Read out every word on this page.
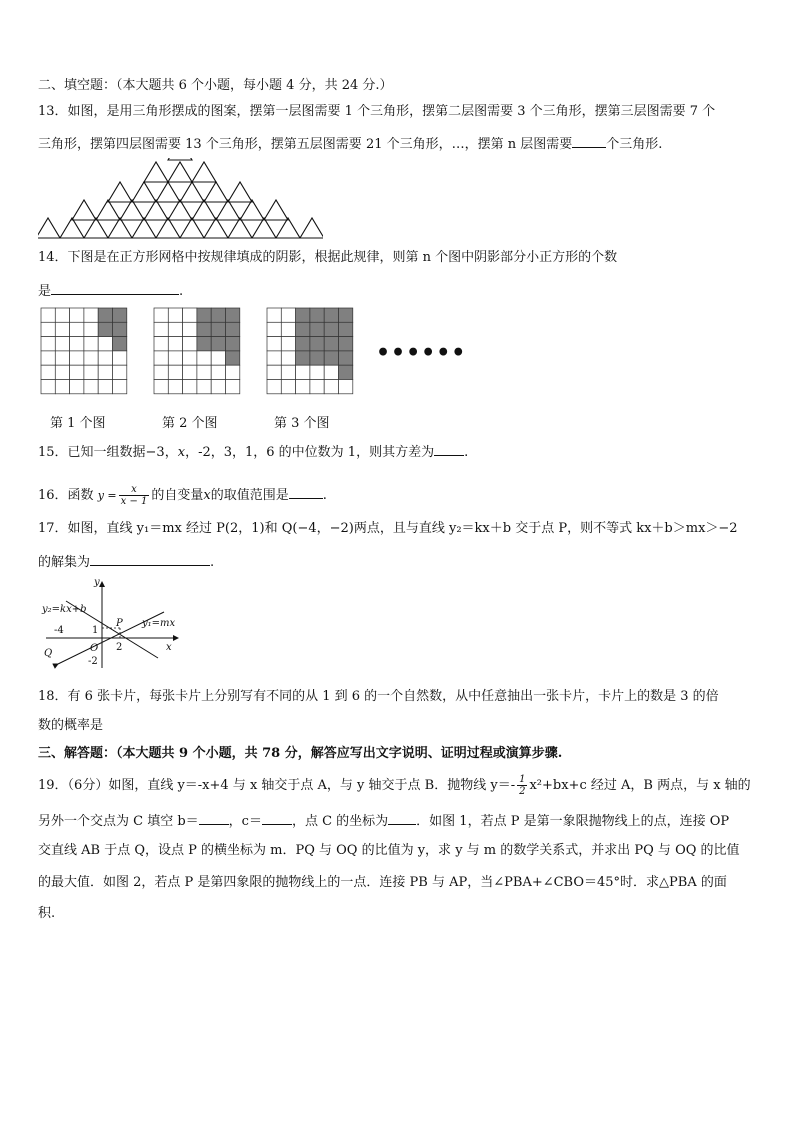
二、填空题：（本大题共 6 个小题，每小题 4 分，共 24 分.）
13．如图，是用三角形摆成的图案，摆第一层图需要 1 个三角形，摆第二层图需要 3 个三角形，摆第三层图需要 7 个
三角形，摆第四层图需要 13 个三角形，摆第五层图需要 21 个三角形，…，摆第 n 层图需要	个三角形.
14．下图是在正方形网格中按规律填成的阴影，根据此规律，则第 n 个图中阴影部分小正方形的个数
是	.
••••••
第 1 个图	第 2 个图	第 3 个图
15．已知一组数据−3，x，-2，3，1，6 的中位数为 1，则其方差为 .
16．函数 $y = \frac{x}{x - 1}$ 的自变量x的取值范围是	.
17．如图，直线 y₁＝mx 经过 P(2，1)和 Q(−4，−2)两点，且与直线 y₂＝kx＋b 交于点 P，则不等式 kx＋b＞mx＞−2
的解集为	.
y
x
y₂=kx+b
y₁=mx
P
Q	O
-4	1
2
-2
18．有 6 张卡片，每张卡片上分别写有不同的从 1 到 6 的一个自然数，从中任意抽出一张卡片，卡片上的数是 3 的倍
数的概率是
三、解答题：（本大题共 9 个小题，共 78 分，解答应写出文字说明、证明过程或演算步骤.
19．（6分）如图，直线 y＝-x+4 与 x 轴交于点 A，与 y 轴交于点 B．抛物线 $y=- \frac{1}{2} x^2+bx+c$ 经过 A，B 两点，与 x 轴的
另外一个交点为 C 填空 b＝ ，c＝ ，点 C 的坐标为 ．如图 1，若点 P 是第一象限抛物线上的点，连接 OP
交直线 AB 于点 Q，设点 P 的横坐标为 m．PQ 与 OQ 的比值为 y，求 y 与 m 的数学关系式，并求出 PQ 与 OQ 的比值
的最大值．如图 2，若点 P 是第四象限的抛物线上的一点．连接 PB 与 AP，当∠PBA+∠CBO＝45°时．求△PBA 的面
积.
